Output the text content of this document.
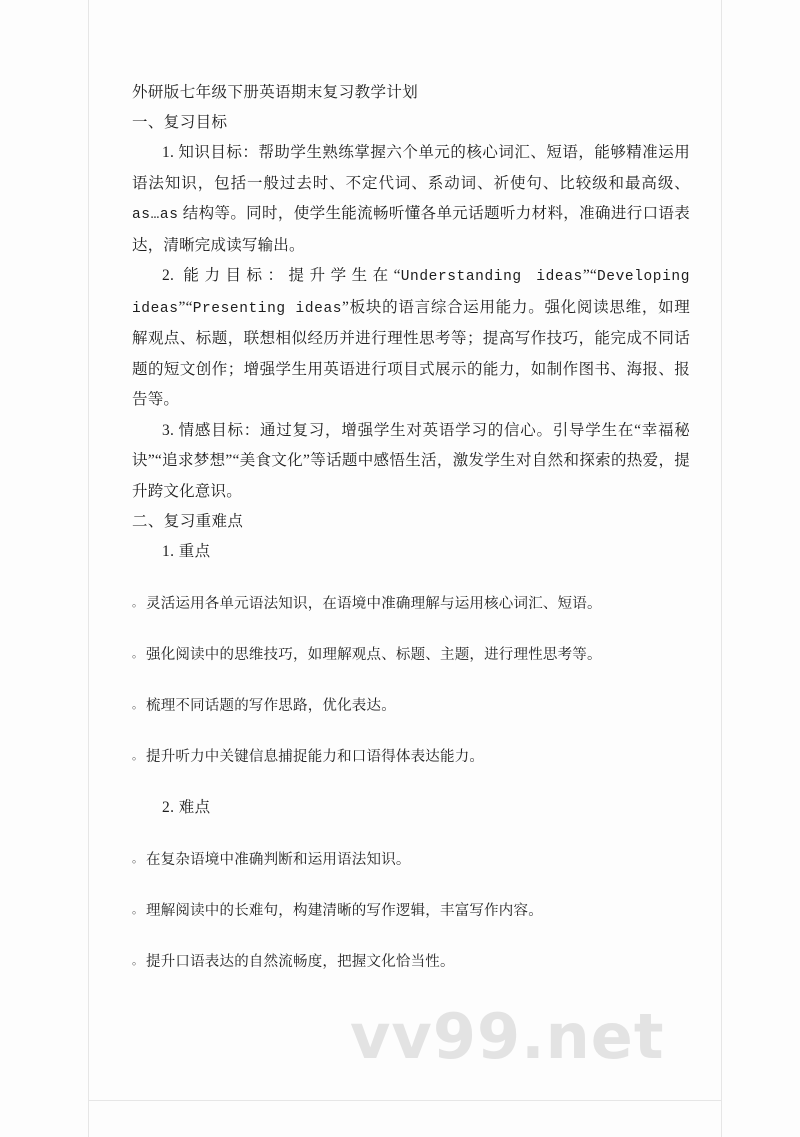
外研版七年级下册英语期末复习教学计划
一、复习目标

1. 知识目标：帮助学生熟练掌握六个单元的核心词汇、短语，能够精准运用语法知识，包括一般过去时、不定代词、系动词、祈使句、比较级和最高级、as…as 结构等。同时，使学生能流畅听懂各单元话题听力材料，准确进行口语表达，清晰完成读写输出。

2. 能力目标：提升学生在“Understanding ideas”“Developing ideas”“Presenting ideas”板块的语言综合运用能力。强化阅读思维，如理解观点、标题，联想相似经历并进行理性思考等；提高写作技巧，能完成不同话题的短文创作；增强学生用英语进行项目式展示的能力，如制作图书、海报、报告等。

3. 情感目标：通过复习，增强学生对英语学习的信心。引导学生在“幸福秘诀”“追求梦想”“美食文化”等话题中感悟生活，激发学生对自然和探索的热爱，提升跨文化意识。

二、复习重难点
1. 重点
。 灵活运用各单元语法知识，在语境中准确理解与运用核心词汇、短语。
。 强化阅读中的思维技巧，如理解观点、标题、主题，进行理性思考等。
。 梳理不同话题的写作思路，优化表达。
。 提升听力中关键信息捕捉能力和口语得体表达能力。
2. 难点
。 在复杂语境中准确判断和运用语法知识。
。 理解阅读中的长难句，构建清晰的写作逻辑，丰富写作内容。
。 提升口语表达的自然流畅度，把握文化恰当性。
vv99.net
